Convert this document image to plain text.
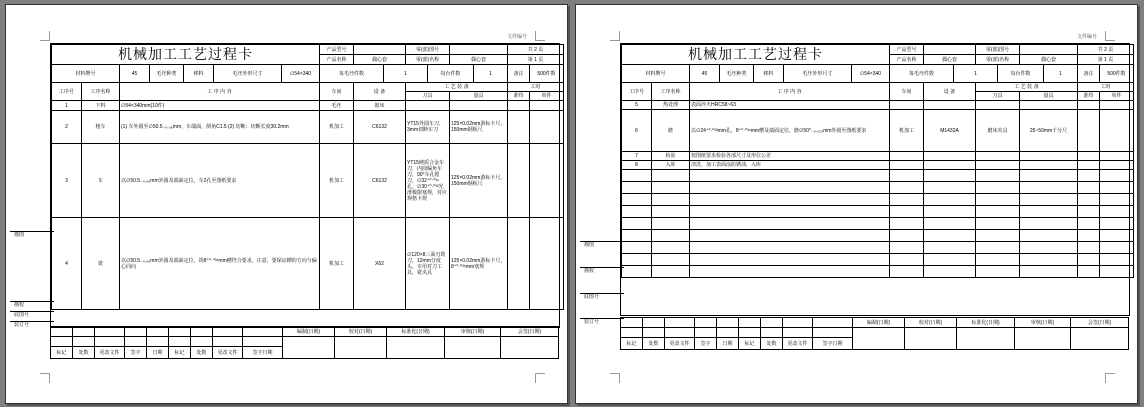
文件编号
机械加工工艺过程卡							产品型号			零(部)图号				共 2 页	
							产品名称	偶心套		零(部)名称		偶心套		第 1 页	
材料牌号		45	毛坯种类	棒料	毛坯外形尺寸	∅54×340	每毛坯件数		1		每台件数		1	备注	500件数
工序号	工序名称	工 序 内 容					车间	设 备		工 艺 装 备				工时	
										刀具		量具		准终	单件
1	下料	∅54×340mm(10件)					毛坯	锯床							
2	粗车	(1) 车外圆至∅50.5₋₀.₀₆mm，车端面，倒角C1.5 (2) 切断：切断长度30.2mm					机加工	C6132		YT15外圆车刀，3mm切断车刀		125×0.02mm游标卡尺，150mm钢板尺			
3	车	以∅50.5₋₀.₀₆mm外圆及端面定位，车2孔至图纸要求					机加工	C6132		YT15硬质合金车刀，内圆偏角车刀，90°车孔镗刀，∅32⁺⁰·⁰³⁹孔，∅30⁺⁰·⁰³³光滑极限塞规，对应规格卡规		125×0.02mm游标卡尺，150mm钢板尺			
4	铣	以∅50.5₋₀.₀₆mm外圆及端面定位，铣8⁺⁰·⁰³⁶mm槽符合要求，注意，要保证槽的方向与偏心同向					机加工	X62		∅120×8三面刃铣刀，12mm分度头，专用对刀工具，铣夹具		125×0.02mm游标卡尺，8⁺⁰·⁰³⁶mm塞规			
描图
描校
底图号
装订号
									编制(日期)	校对(日期)	标准化(日期)	审核(日期)	会签(日期)

标记	处数	更改文件	签字	日期	标记	处数	更改文件	签字日期					
文件编号
机械加工工艺过程卡							产品型号			零(部)图号				共 2 页	
							产品名称	偶心套		零(部)名称		偶心套		第 1 页	
材料牌号		45	毛坯种类	棒料	毛坯外形尺寸	∅54×340	每毛坯件数		1		每台件数		1	备注	500件数
工序号	工序名称	工 序 内 容					车间	设 备		工 艺 装 备				工时	
										刀具		量具		准终	单件
5	热处理	表面淬火HRC58~63													
6	磨	以∅24⁺⁰·⁰³³mm孔，8⁺⁰·⁰³⁶mm槽及端面定位，磨∅50⁰₋₀.₀₂₅mm外圆至图纸要求					机加工	M1432A		磨床夹具		25~50mm千分尺			
7	检验	按图纸要求检验各部尺寸及形位公差													
8	入库	清洗，加工表面涂防锈油，入库													

描图
描校
底图号
装订号
										编制(日期)	校对(日期)	标准化(日期)	审核(日期)	会签(日期)

标记	处数	更改文件	签字	日期	标记	处数	更改文件	签字日期					
